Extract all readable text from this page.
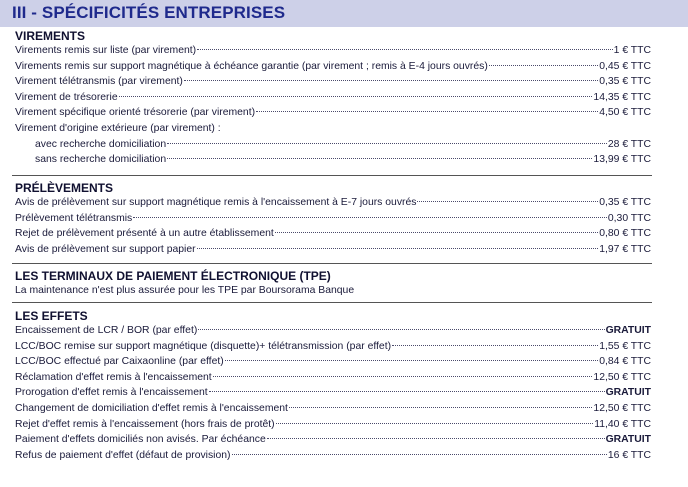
III - SPÉCIFICITÉS ENTREPRISES
VIREMENTS
Virements remis sur liste (par virement)	1 € TTC
Virements remis sur support magnétique à échéance garantie (par virement ; remis à E-4 jours ouvrés)	0,45 € TTC
Virement télétransmis (par virement)	0,35 € TTC
Virement de trésorerie	14,35 € TTC
Virement spécifique orienté trésorerie (par virement)	4,50 € TTC
Virement d'origine extérieure (par virement) :
avec recherche domiciliation	28 € TTC
sans recherche domiciliation	13,99 € TTC
PRÉLÈVEMENTS
Avis de prélèvement sur support magnétique remis à l'encaissement à E-7 jours ouvrés	0,35 € TTC
Prélèvement télétransmis	0,30 TTC
Rejet de prélèvement présenté à un autre établissement	0,80 € TTC
Avis de prélèvement sur support papier	1,97 € TTC
LES TERMINAUX DE PAIEMENT ÉLECTRONIQUE (TPE)
La maintenance n'est plus assurée pour les TPE par Boursorama Banque
LES EFFETS
Encaissement de LCR / BOR (par effet)	GRATUIT
LCC/BOC remise sur support magnétique (disquette)+ télétransmission (par effet)	1,55 € TTC
LCC/BOC effectué par Caixaonline (par effet)	0,84 € TTC
Réclamation d'effet remis à l'encaissement	12,50 € TTC
Prorogation d'effet remis à l'encaissement	GRATUIT
Changement de domiciliation d'effet remis à l'encaissement	12,50 € TTC
Rejet d'effet remis à l'encaissement (hors frais de protêt)	11,40 € TTC
Paiement d'effets domiciliés non avisés. Par échéance	GRATUIT
Refus de paiement d'effet (défaut de provision)	16 € TTC
